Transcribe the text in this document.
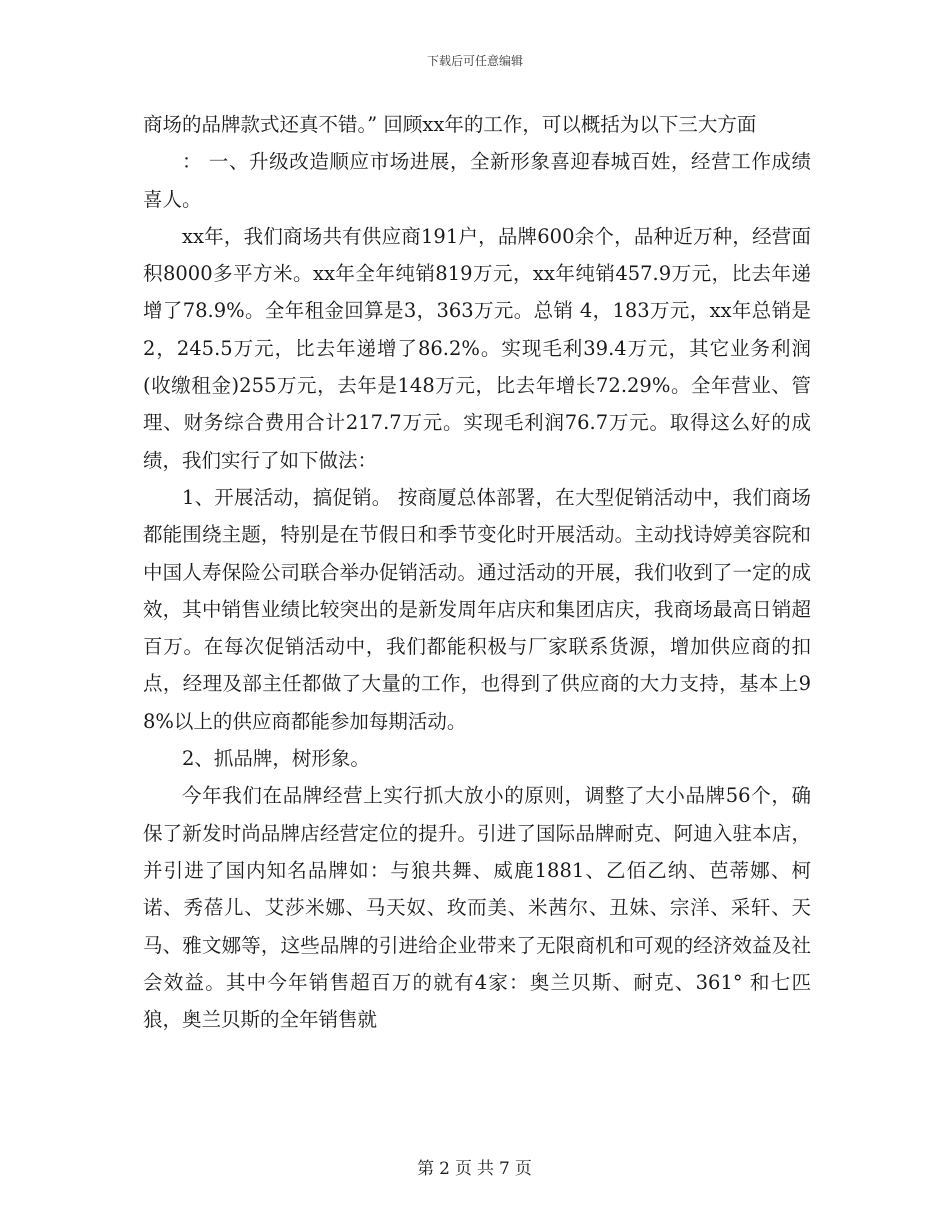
下载后可任意编辑

商场的品牌款式还真不错。” 回顾xx年的工作，可以概括为以下三大方面

： 一、升级改造顺应市场进展，全新形象喜迎春城百姓，经营工作成绩喜人。

xx年，我们商场共有供应商191户，品牌600余个，品种近万种，经营面积8000多平方米。xx年全年纯销819万元，xx年纯销457.9万元，比去年递增了78.9%。全年租金回算是3，363万元。总销 4，183万元，xx年总销是2，245.5万元，比去年递增了86.2%。实现毛利39.4万元，其它业务利润(收缴租金)255万元，去年是148万元，比去年增长72.29%。全年营业、管理、财务综合费用合计217.7万元。实现毛利润76.7万元。取得这么好的成绩，我们实行了如下做法：

1、开展活动，搞促销。 按商厦总体部署，在大型促销活动中，我们商场都能围绕主题，特别是在节假日和季节变化时开展活动。主动找诗婷美容院和中国人寿保险公司联合举办促销活动。通过活动的开展，我们收到了一定的成效，其中销售业绩比较突出的是新发周年店庆和集团店庆，我商场最高日销超百万。在每次促销活动中，我们都能积极与厂家联系货源，增加供应商的扣点，经理及部主任都做了大量的工作，也得到了供应商的大力支持，基本上98%以上的供应商都能参加每期活动。

2、抓品牌，树形象。

今年我们在品牌经营上实行抓大放小的原则，调整了大小品牌56个，确保了新发时尚品牌店经营定位的提升。引进了国际品牌耐克、阿迪入驻本店，并引进了国内知名品牌如：与狼共舞、威鹿1881、乙佰乙纳、芭蒂娜、柯诺、秀蓓儿、艾莎米娜、马天奴、玫而美、米茜尔、丑妹、宗洋、采轩、天马、雅文娜等，这些品牌的引进给企业带来了无限商机和可观的经济效益及社会效益。其中今年销售超百万的就有4家：奥兰贝斯、耐克、361° 和七匹狼，奥兰贝斯的全年销售就

第 2 页 共 7 页
